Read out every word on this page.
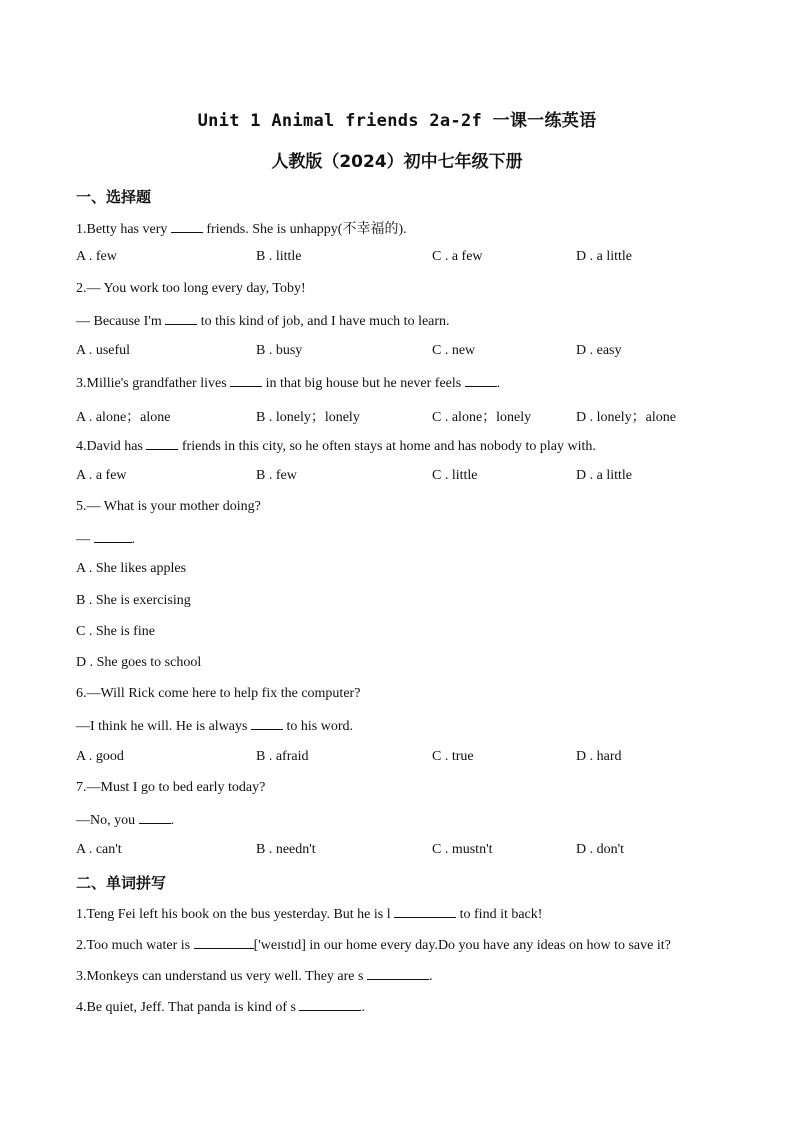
Unit 1 Animal friends 2a-2f 一课一练英语
人教版（2024）初中七年级下册
一、选择题
1.Betty has very  friends. She is unhappy(不幸福的).
A . few	B . little	C . a few	D . a little
2.— You work too long every day, Toby!
— Because I'm  to this kind of job, and I have much to learn.
A . useful	B . busy	C . new	D . easy
3.Millie's grandfather lives  in that big house but he never feels .
A . alone；alone	B . lonely；lonely	C . alone；lonely	D . lonely；alone
4.David has  friends in this city, so he often stays at home and has nobody to play with.
A . a few	B . few	C . little	D . a little
5.— What is your mother doing?
—	.
A . She likes apples
B . She is exercising
C . She is fine
D . She goes to school
6.—Will Rick come here to help fix the computer?
—I think he will. He is always  to his word.
A . good	B . afraid	C . true	D . hard
7.—Must I go to bed early today?
—No, you .
A . can't	B . needn't	C . mustn't	D . don't
二、单词拼写
1.Teng Fei left his book on the bus yesterday. But he is l	to find it back!
2.Too much water is	['weɪstɪd] in our home every day.Do you have any ideas on how to save it?
3.Monkeys can understand us very well. They are s	.
4.Be quiet, Jeff. That panda is kind of s	.
